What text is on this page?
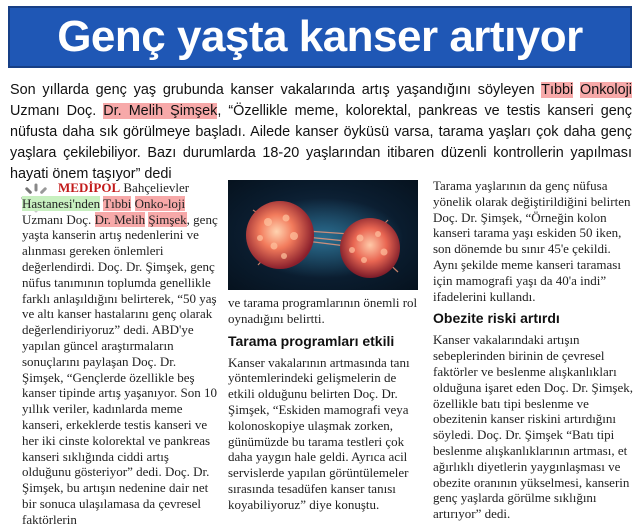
Genç yaşta kanser artıyor
Son yıllarda genç yaş grubunda kanser vakalarında artış yaşandığını söyleyen Tıbbi Onkoloji Uzmanı Doç. Dr. Melih Şimşek, “Özellikle meme, kolorektal, pankreas ve testis kanseri genç nüfusta daha sık görülmeye başladı. Ailede kanser öyküsü varsa, tarama yaşları çok daha genç yaşlara çekilebiliyor. Bazı durumlarda 18-20 yaşlarından itibaren düzenli kontrollerin yapılması hayati önem taşıyor” dedi

MEDİPOL Bahçelievler Hastanesi'nden Tıbbi Onko-loji Uzmanı Doç. Dr. Melih Şimşek, genç yaşta kanserin artış nedenlerini ve alınması gereken önlemleri değerlendirdi. Doç. Dr. Şimşek, genç nüfus tanımının toplumda genellikle farklı anlaşıldığını belirterek, “50 yaş ve altı kanser hastalarını genç olarak değerlendiriyoruz” dedi. ABD'ye yapılan güncel araştırmaların sonuçlarını paylaşan Doç. Dr. Şimşek, “Gençlerde özellikle beş kanser tipinde artış yaşanıyor. Son 10 yıllık veriler, kadınlarda meme kanseri, erkeklerde testis kanseri ve her iki cinste kolorektal ve pankreas kanseri sıklığında ciddi artış olduğunu gösteriyor” dedi. Doç. Dr. Şimşek, bu artışın nedenine dair net bir sonuca ulaşılamasa da çevresel faktörlerin

ve tarama programlarının önemli rol oynadığını belirtti.

Tarama programları etkili

Kanser vakalarının artmasında tanı yöntemlerindeki gelişmelerin de etkili olduğunu belirten Doç. Dr. Şimşek, “Eskiden mamografi veya kolonoskopiye ulaşmak zorken, günümüzde bu tarama testleri çok daha yaygın hale geldi. Ayrıca acil servislerde yapılan görüntülemeler sırasında tesadüfen kanser tanısı koyabiliyoruz” diye konuştu.

Tarama yaşlarının da genç nüfusa yönelik olarak değiştirildiğini belirten Doç. Dr. Şimşek, “Örneğin kolon kanseri tarama yaşı eskiden 50 iken, son dönemde bu sınır 45'e çekildi. Aynı şekilde meme kanseri taraması için mamografi yaşı da 40'a indi” ifadelerini kullandı.

Obezite riski artırdı

Kanser vakalarındaki artışın sebeplerinden birinin de çevresel faktörler ve beslenme alışkanlıkları olduğuna işaret eden Doç. Dr. Şimşek, özellikle batı tipi beslenme ve obezitenin kanser riskini artırdığını söyledi. Doç. Dr. Şimşek “Batı tipi beslenme alışkanlıklarının artması, et ağırlıklı diyetlerin yaygınlaşması ve obezite oranının yükselmesi, kanserin genç yaşlarda görülme sıklığını artırıyor” dedi.
